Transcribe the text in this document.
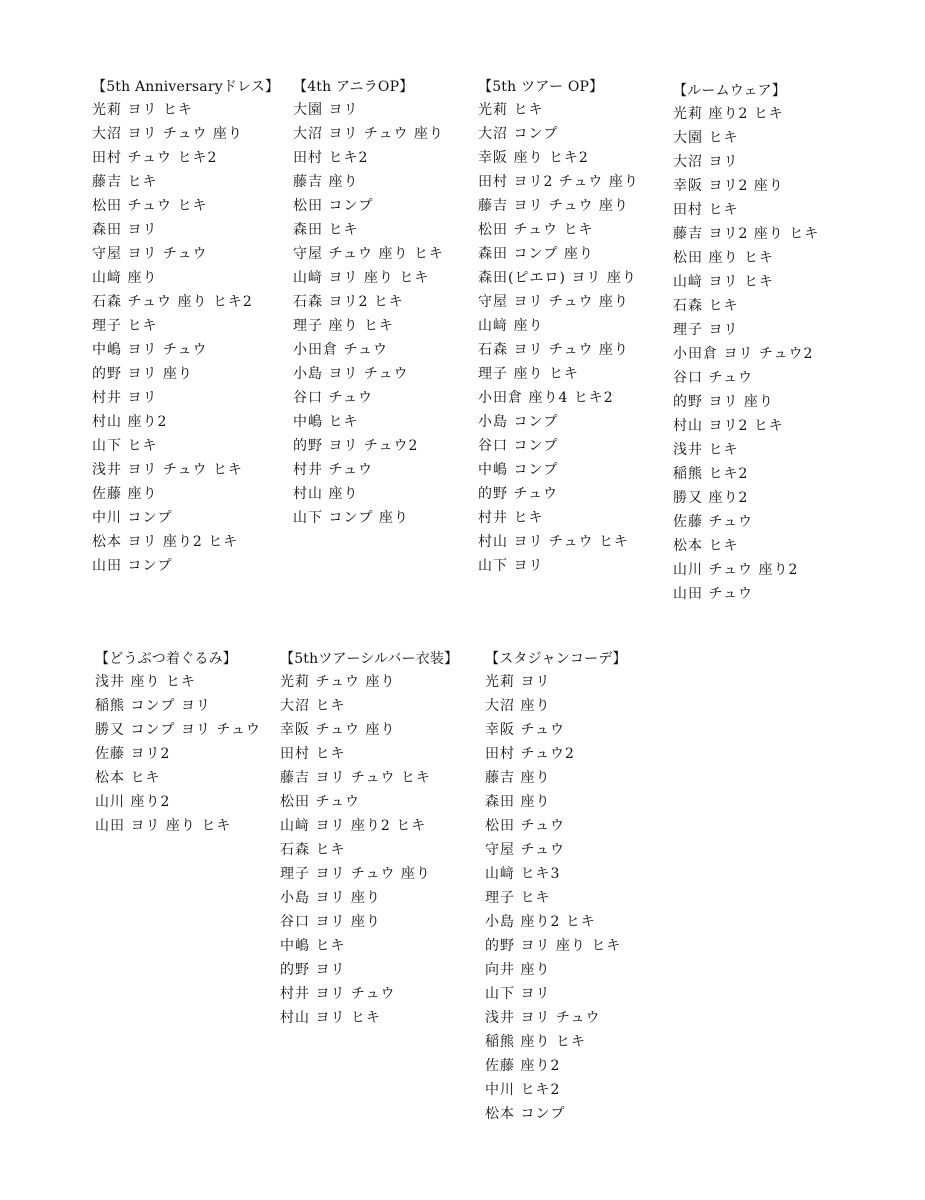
【5th Anniversaryドレス】
光莉 ヨリ ヒキ
大沼 ヨリ チュウ 座り
田村 チュウ ヒキ2
藤吉 ヒキ
松田 チュウ ヒキ
森田 ヨリ
守屋 ヨリ チュウ
山﨑 座り
石森 チュウ 座り ヒキ2
理子 ヒキ
中嶋 ヨリ チュウ
的野 ヨリ 座り
村井 ヨリ
村山 座り2
山下 ヒキ
浅井 ヨリ チュウ ヒキ
佐藤 座り
中川 コンプ
松本 ヨリ 座り2 ヒキ
山田 コンプ
【4th アニラOP】
大園 ヨリ
大沼 ヨリ チュウ 座り
田村 ヒキ2
藤吉 座り
松田 コンプ
森田 ヒキ
守屋 チュウ 座り ヒキ
山﨑 ヨリ 座り ヒキ
石森 ヨリ2 ヒキ
理子 座り ヒキ
小田倉 チュウ
小島 ヨリ チュウ
谷口 チュウ
中嶋 ヒキ
的野 ヨリ チュウ2
村井 チュウ
村山 座り
山下 コンプ 座り
【5th ツアー OP】
光莉 ヒキ
大沼 コンプ
幸阪 座り ヒキ2
田村 ヨリ2 チュウ 座り
藤吉 ヨリ チュウ 座り
松田 チュウ ヒキ
森田 コンプ 座り
森田(ピエロ) ヨリ 座り
守屋 ヨリ チュウ 座り
山﨑 座り
石森 ヨリ チュウ 座り
理子 座り ヒキ
小田倉 座り4 ヒキ2
小島 コンプ
谷口 コンプ
中嶋 コンプ
的野 チュウ
村井 ヒキ
村山 ヨリ チュウ ヒキ
山下 ヨリ
【ルームウェア】
光莉 座り2 ヒキ
大園 ヒキ
大沼 ヨリ
幸阪 ヨリ2 座り
田村 ヒキ
藤吉 ヨリ2 座り ヒキ
松田 座り ヒキ
山﨑 ヨリ ヒキ
石森 ヒキ
理子 ヨリ
小田倉 ヨリ チュウ2
谷口 チュウ
的野 ヨリ 座り
村山 ヨリ2 ヒキ
浅井 ヒキ
稲熊 ヒキ2
勝又 座り2
佐藤 チュウ
松本 ヒキ
山川 チュウ 座り2
山田 チュウ
【どうぶつ着ぐるみ】
浅井 座り ヒキ
稲熊 コンプ ヨリ
勝又 コンプ ヨリ チュウ
佐藤 ヨリ2
松本 ヒキ
山川 座り2
山田 ヨリ 座り ヒキ
【5thツアーシルバー衣装】
光莉 チュウ 座り
大沼 ヒキ
幸阪 チュウ 座り
田村 ヒキ
藤吉 ヨリ チュウ ヒキ
松田 チュウ
山﨑 ヨリ 座り2 ヒキ
石森 ヒキ
理子 ヨリ チュウ 座り
小島 ヨリ 座り
谷口 ヨリ 座り
中嶋 ヒキ
的野 ヨリ
村井 ヨリ チュウ
村山 ヨリ ヒキ
【スタジャンコーデ】
光莉 ヨリ
大沼 座り
幸阪 チュウ
田村 チュウ2
藤吉 座り
森田 座り
松田 チュウ
守屋 チュウ
山﨑 ヒキ3
理子 ヒキ
小島 座り2 ヒキ
的野 ヨリ 座り ヒキ
向井 座り
山下 ヨリ
浅井 ヨリ チュウ
稲熊 座り ヒキ
佐藤 座り2
中川 ヒキ2
松本 コンプ
